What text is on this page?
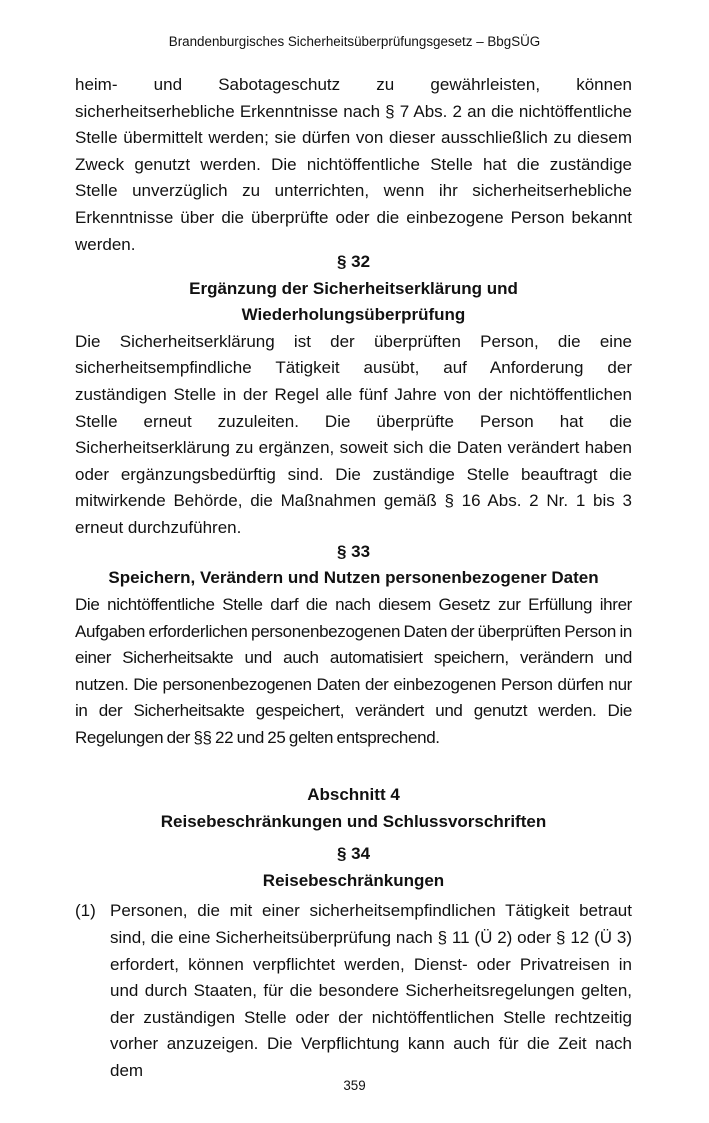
Brandenburgisches Sicherheitsüberprüfungsgesetz – BbgSÜG

heim- und Sabotageschutz zu gewährleisten, können sicherheitserhebliche Erkenntnisse nach § 7 Abs. 2 an die nichtöffentliche Stelle übermittelt werden; sie dürfen von dieser ausschließlich zu diesem Zweck genutzt werden. Die nichtöffentliche Stelle hat die zuständige Stelle unverzüglich zu unterrichten, wenn ihr sicherheitserhebliche Erkenntnisse über die überprüfte oder die einbezogene Person bekannt werden.

§ 32
Ergänzung der Sicherheitserklärung und
Wiederholungsüberprüfung

Die Sicherheitserklärung ist der überprüften Person, die eine sicherheitsempfindliche Tätigkeit ausübt, auf Anforderung der zuständigen Stelle in der Regel alle fünf Jahre von der nichtöffentlichen Stelle erneut zuzuleiten. Die überprüfte Person hat die Sicherheitserklärung zu ergänzen, soweit sich die Daten verändert haben oder ergänzungsbedürftig sind. Die zuständige Stelle beauftragt die mitwirkende Behörde, die Maßnahmen gemäß § 16 Abs. 2 Nr. 1 bis 3 erneut durchzuführen.

§ 33
Speichern, Verändern und Nutzen personenbezogener Daten

Die nichtöffentliche Stelle darf die nach diesem Gesetz zur Erfüllung ihrer Aufgaben erforderlichen personenbezogenen Daten der überprüften Person in einer Sicherheitsakte und auch automatisiert speichern, verändern und nutzen. Die personenbezogenen Daten der einbezogenen Person dürfen nur in der Sicherheitsakte gespeichert, verändert und genutzt werden. Die Regelungen der §§ 22 und 25 gelten entsprechend.

Abschnitt 4
Reisebeschränkungen und Schlussvorschriften
§ 34
Reisebeschränkungen
(1) Personen, die mit einer sicherheitsempfindlichen Tätigkeit betraut sind, die eine Sicherheitsüberprüfung nach § 11 (Ü 2) oder § 12 (Ü 3) erfordert, können verpflichtet werden, Dienst- oder Privatreisen in und durch Staaten, für die besondere Sicherheitsregelungen gelten, der zuständigen Stelle oder der nichtöffentlichen Stelle rechtzeitig vorher anzuzeigen. Die Verpflichtung kann auch für die Zeit nach dem

359
